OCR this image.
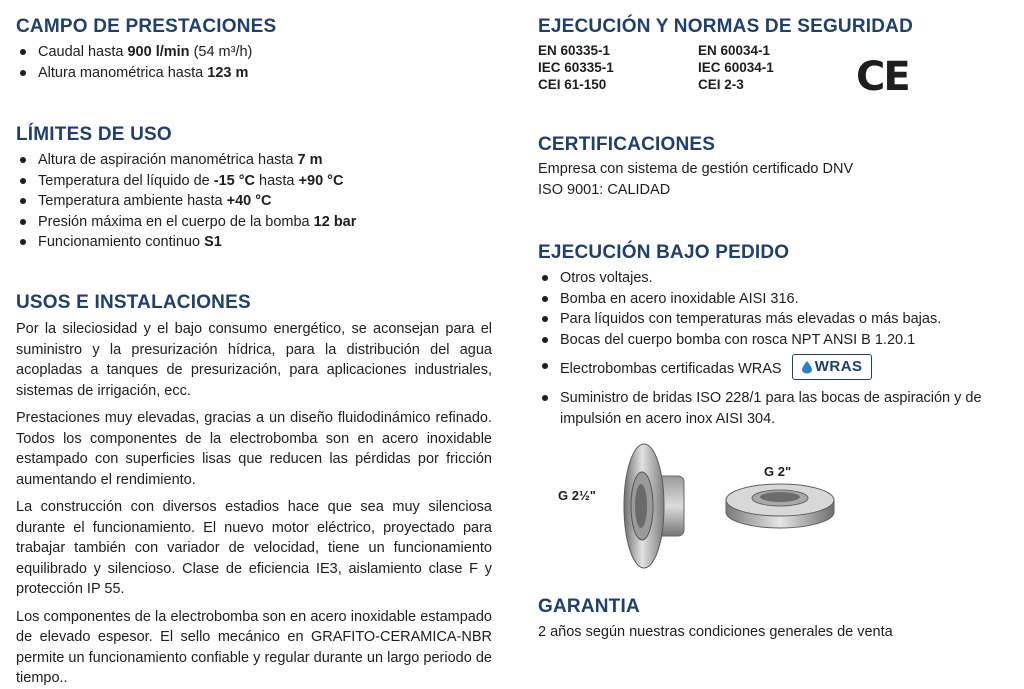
CAMPO DE PRESTACIONES
Caudal hasta 900 l/min (54 m³/h)
Altura manométrica hasta 123 m
LÍMITES DE USO
Altura de aspiración manométrica hasta 7 m
Temperatura del líquido de -15 °C hasta +90 °C
Temperatura ambiente hasta +40 °C
Presión máxima en el cuerpo de la bomba 12 bar
Funcionamiento continuo S1
USOS E INSTALACIONES

Por la sileciosidad y el bajo consumo energético, se aconsejan para el suministro y la presurización hídrica, para la distribución del agua acopladas a tanques de presurización, para aplicaciones industriales, sistemas de irrigación, ecc.

Prestaciones muy elevadas, gracias a un diseño fluidodinámico refinado. Todos los componentes de la electrobomba son en acero inoxidable estampado con superficies lisas que reducen las pérdidas por fricción aumentando el rendimiento.

La construcción con diversos estadios hace que sea muy silenciosa durante el funcionamiento. El nuevo motor eléctrico, proyectado para trabajar también con variador de velocidad, tiene un funcionamiento equilibrado y silencioso. Clase de eficiencia IE3, aislamiento clase F y protección IP 55.

Los componentes de la electrobomba son en acero inoxidable estampado de elevado espesor. El sello mecánico en GRAFITO-CERAMICA-NBR permite un funcionamiento confiable y regular durante un largo periodo de tiempo..

EJECUCIÓN Y NORMAS DE SEGURIDAD
EN 60335-1	EN 60034-1
IEC 60335-1	IEC 60034-1
CEI 61-150	CEI 2-3	CE
CERTIFICACIONES

Empresa con sistema de gestión certificado DNV

ISO 9001: CALIDAD

EJECUCIÓN BAJO PEDIDO
Otros voltajes.
Bomba en acero inoxidable AISI 316.
Para líquidos con temperaturas más elevadas o más bajas.
Bocas del cuerpo bomba con rosca NPT ANSI B 1.20.1
Electrobombas certificadas WRAS WRAS
Suministro de bridas ISO 228/1 para las bocas de aspiración y de impulsión en acero inox AISI 304.
G 2½"
G 2"
GARANTIA

2 años según nuestras condiciones generales de venta
